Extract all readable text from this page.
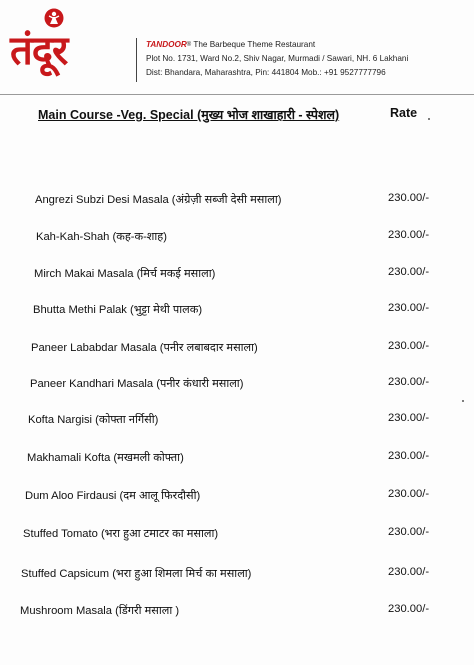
तंदूर	TANDOOR® The Barbeque Theme Restaurant
Plot No. 1731, Ward No.2, Shiv Nagar, Murmadi / Sawari, NH. 6 Lakhani
Dist: Bhandara, Maharashtra, Pin: 441804 Mob.: +91 9527777796
Main Course -Veg. Special (मुख्य भोज शाखाहारी - स्पेशल)	Rate
Angrezi Subzi Desi Masala (अंग्रेज़ी सब्जी देसी मसाला)	230.00/-
Kah-Kah-Shah (कह-क-शाह)	230.00/-
Mirch Makai Masala (मिर्च मकई मसाला)	230.00/-
Bhutta Methi Palak (भुट्टा मेथी पालक)	230.00/-
Paneer Lababdar Masala (पनीर लबाबदार मसाला)	230.00/-
Paneer Kandhari Masala (पनीर कंधारी मसाला)	230.00/-
Kofta Nargisi (कोफ्ता नर्गिसी)	230.00/-
Makhamali Kofta (मखमली कोफ्ता)	230.00/-
Dum Aloo Firdausi (दम आलू फिरदौसी)	230.00/-
Stuffed Tomato (भरा हुआ टमाटर का मसाला)	230.00/-
Stuffed Capsicum (भरा हुआ शिमला मिर्च का मसाला)	230.00/-
Mushroom Masala (डिंगरी मसाला )	230.00/-
